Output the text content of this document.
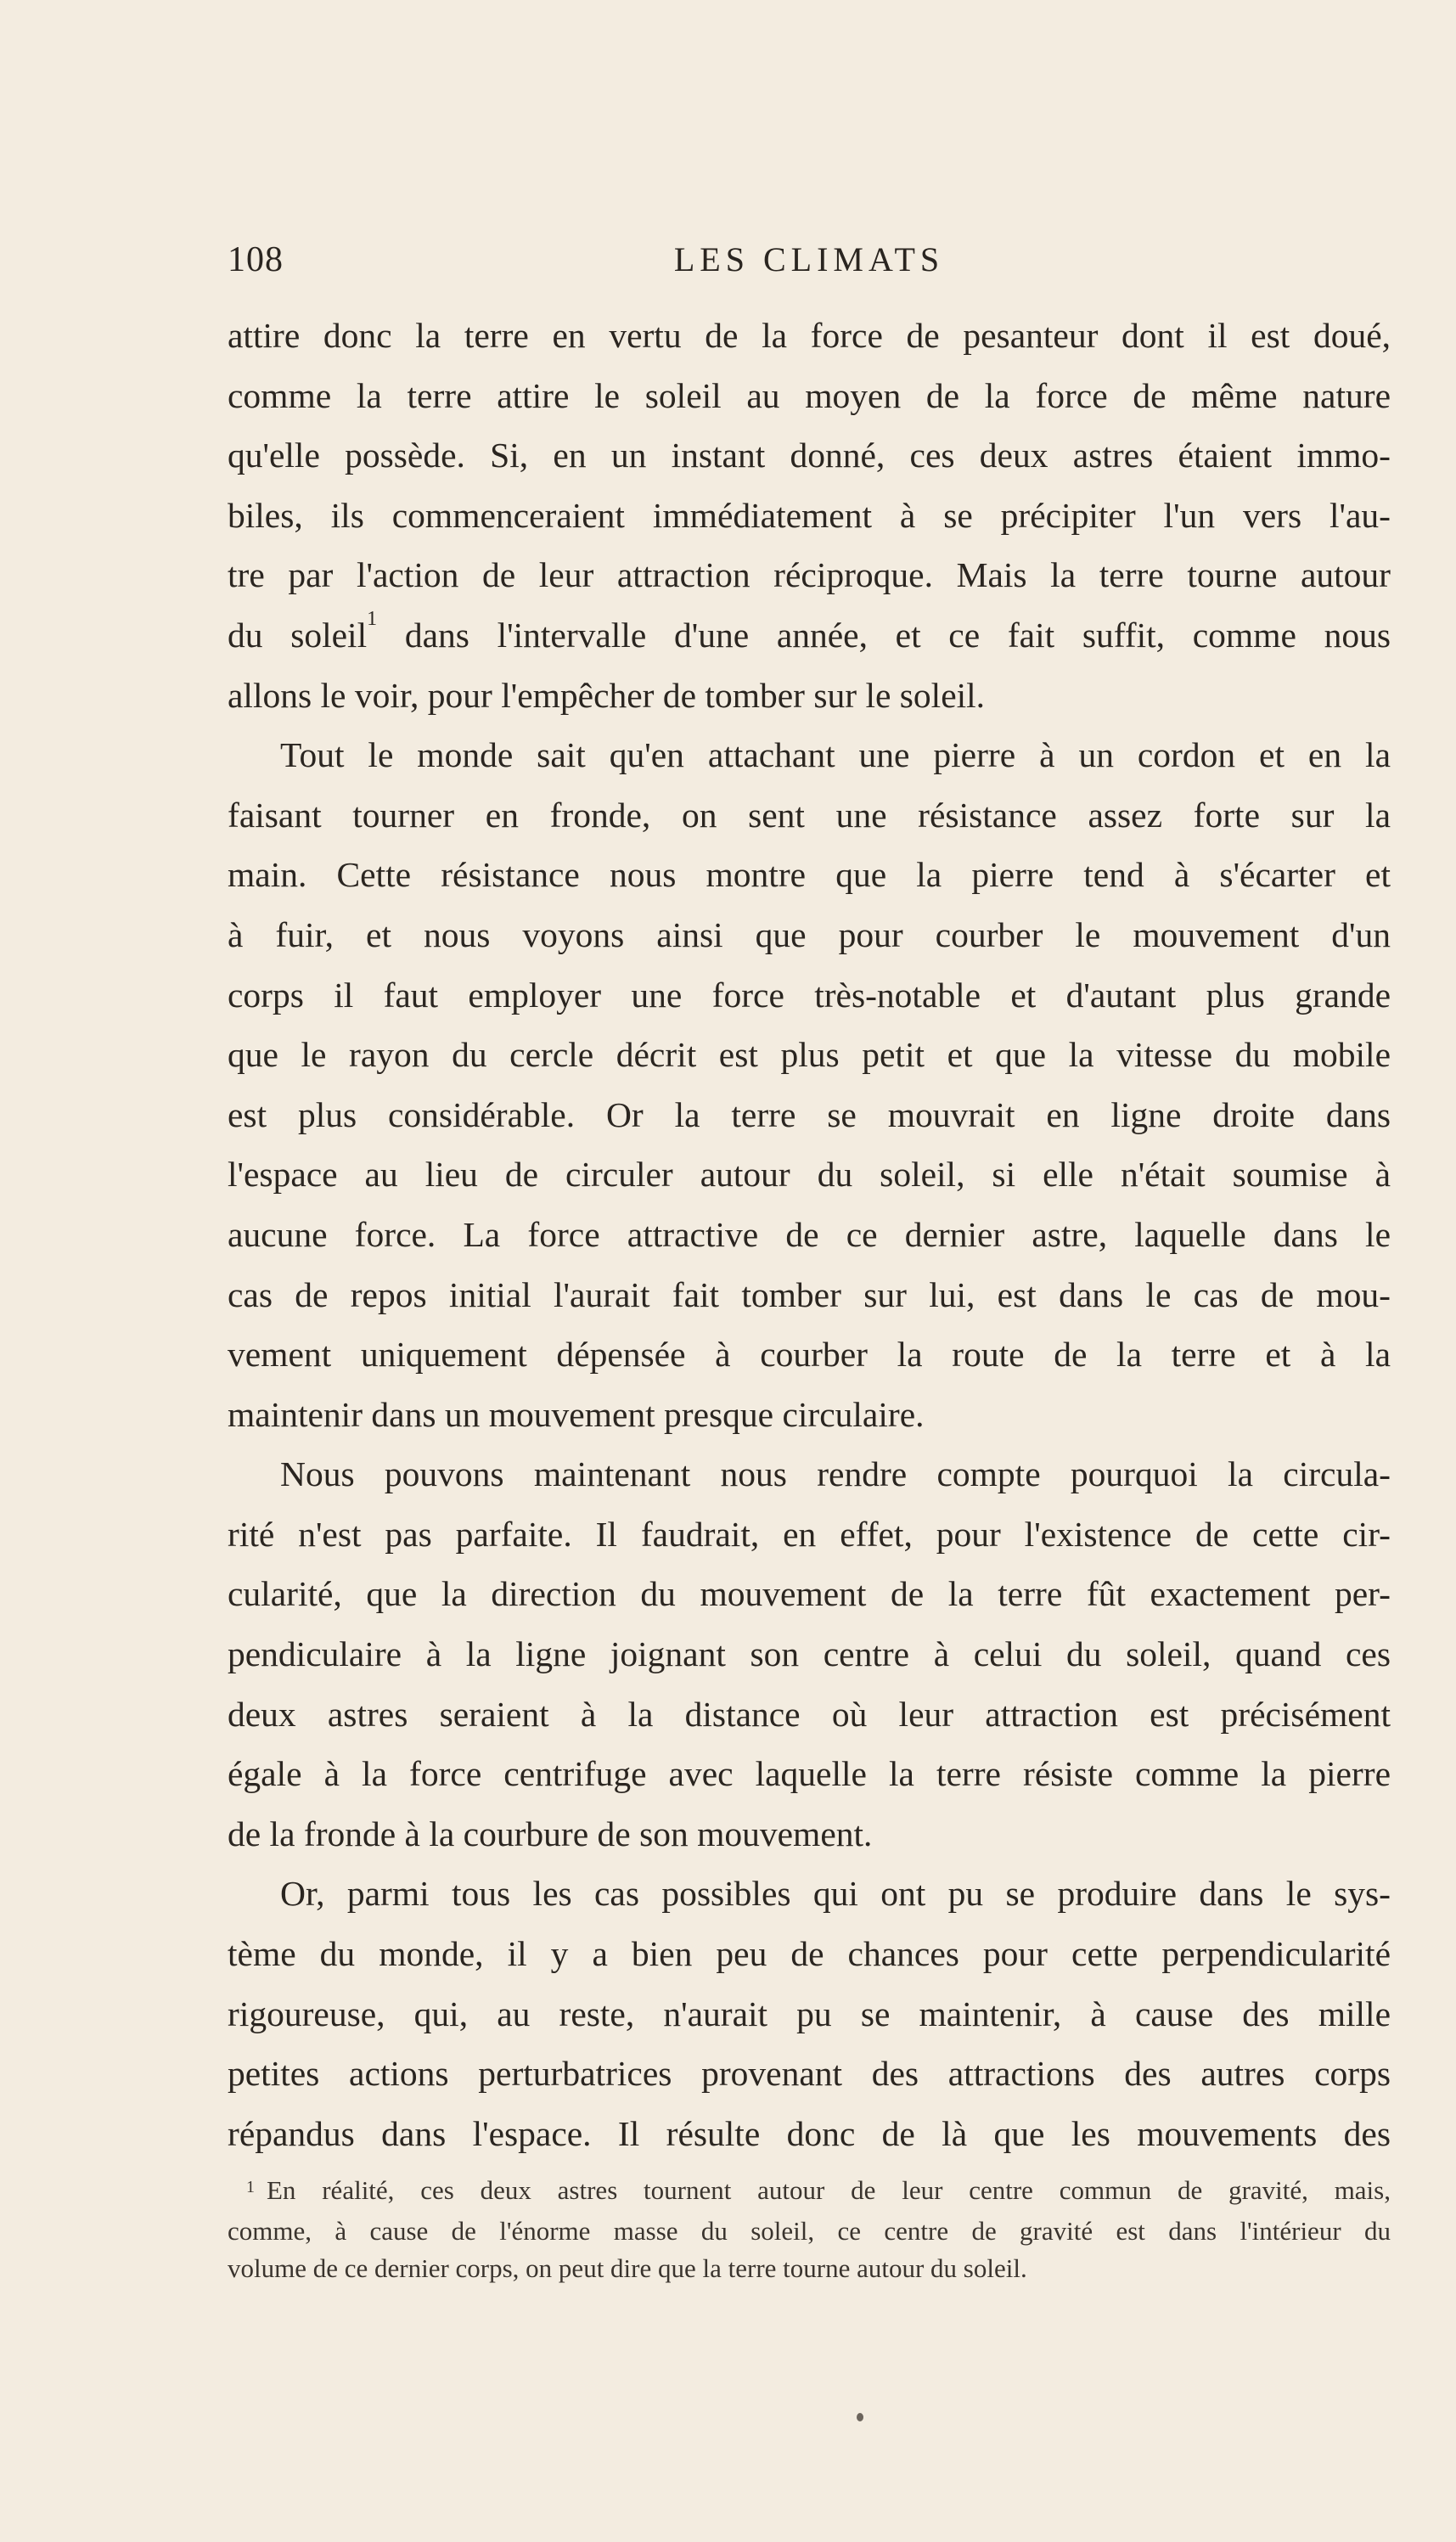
108	LES CLIMATS

attire donc la terre en vertu de la force de pesanteur dont il est doué,
comme la terre attire le soleil au moyen de la force de même nature
qu'elle possède. Si, en un instant donné, ces deux astres étaient immo-
biles, ils commenceraient immédiatement à se précipiter l'un vers l'au-
tre par l'action de leur attraction réciproque. Mais la terre tourne autour
du soleil$^1$ dans l'intervalle d'une année, et ce fait suffit, comme nous
allons le voir, pour l'empêcher de tomber sur le soleil.

Tout le monde sait qu'en attachant une pierre à un cordon et en la
faisant tourner en fronde, on sent une résistance assez forte sur la
main. Cette résistance nous montre que la pierre tend à s'écarter et
à fuir, et nous voyons ainsi que pour courber le mouvement d'un
corps il faut employer une force très-notable et d'autant plus grande
que le rayon du cercle décrit est plus petit et que la vitesse du mobile
est plus considérable. Or la terre se mouvrait en ligne droite dans
l'espace au lieu de circuler autour du soleil, si elle n'était soumise à
aucune force. La force attractive de ce dernier astre, laquelle dans le
cas de repos initial l'aurait fait tomber sur lui, est dans le cas de mou-
vement uniquement dépensée à courber la route de la terre et à la
maintenir dans un mouvement presque circulaire.

Nous pouvons maintenant nous rendre compte pourquoi la circula-
rité n'est pas parfaite. Il faudrait, en effet, pour l'existence de cette cir-
cularité, que la direction du mouvement de la terre fût exactement per-
pendiculaire à la ligne joignant son centre à celui du soleil, quand ces
deux astres seraient à la distance où leur attraction est précisément
égale à la force centrifuge avec laquelle la terre résiste comme la pierre
de la fronde à la courbure de son mouvement.

Or, parmi tous les cas possibles qui ont pu se produire dans le sys-
tème du monde, il y a bien peu de chances pour cette perpendicularité
rigoureuse, qui, au reste, n'aurait pu se maintenir, à cause des mille
petites actions perturbatrices provenant des attractions des autres corps
répandus dans l'espace. Il résulte donc de là que les mouvements des

$^1$ En réalité, ces deux astres tournent autour de leur centre commun de gravité, mais,
comme, à cause de l'énorme masse du soleil, ce centre de gravité est dans l'intérieur du
volume de ce dernier corps, on peut dire que la terre tourne autour du soleil.
